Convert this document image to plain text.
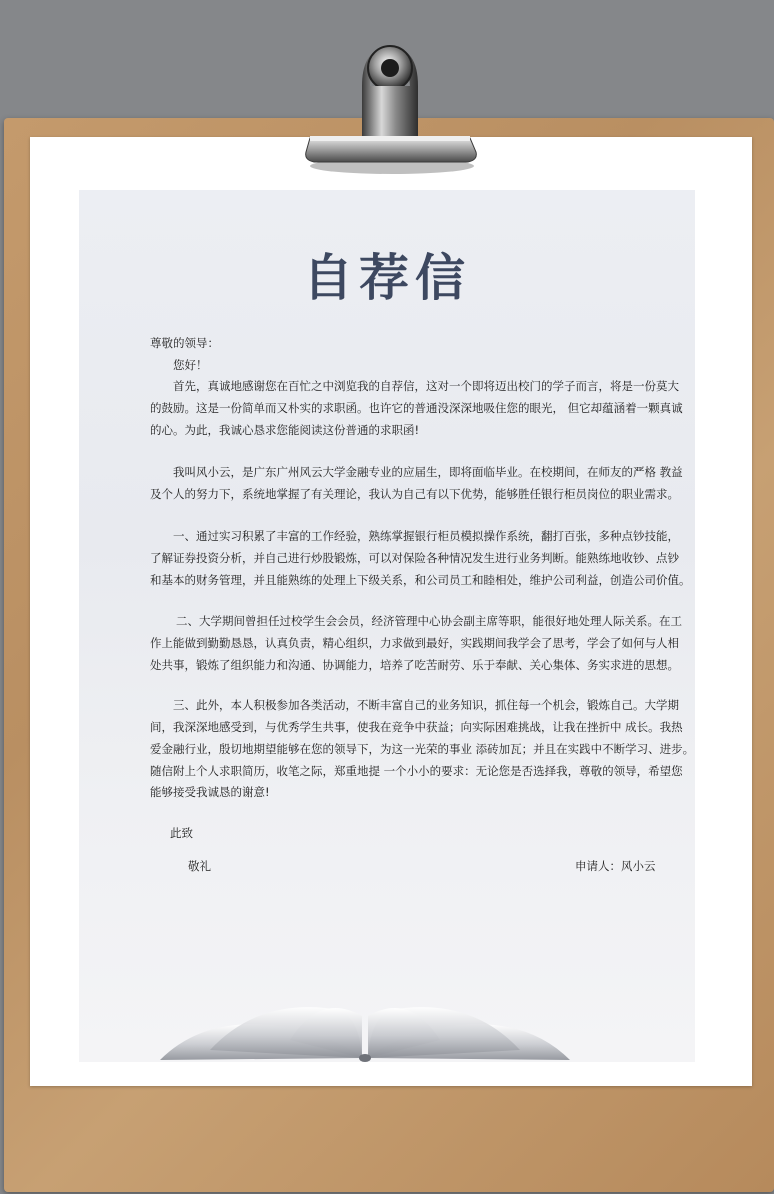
自荐信
尊敬的领导：
您好！
首先，真诚地感谢您在百忙之中浏览我的自荐信，这对一个即将迈出校门的学子而言，将是一份莫大
的鼓励。这是一份简单而又朴实的求职函。也许它的普通没深深地吸住您的眼光， 但它却蕴涵着一颗真诚
的心。为此，我诚心恳求您能阅读这份普通的求职函!
我叫风小云，是广东广州风云大学金融专业的应届生，即将面临毕业。在校期间，在师友的严格 教益
及个人的努力下，系统地掌握了有关理论，我认为自己有以下优势，能够胜任银行柜员岗位的职业需求。
一、通过实习积累了丰富的工作经验，熟练掌握银行柜员模拟操作系统，翻打百张，多种点钞技能，
了解证券投资分析，并自己进行炒股锻炼，可以对保险各种情况发生进行业务判断。能熟练地收钞、点钞
和基本的财务管理，并且能熟练的处理上下级关系，和公司员工和睦相处，维护公司利益，创造公司价值。
二、大学期间曾担任过校学生会会员，经济管理中心协会副主席等职，能很好地处理人际关系。在工
作上能做到勤勤恳恳，认真负责，精心组织，力求做到最好，实践期间我学会了思考，学会了如何与人相
处共事，锻炼了组织能力和沟通、协调能力，培养了吃苦耐劳、乐于奉献、关心集体、务实求进的思想。
三、此外，本人积极参加各类活动，不断丰富自己的业务知识，抓住每一个机会，锻炼自己。大学期
间，我深深地感受到，与优秀学生共事，使我在竞争中获益；向实际困难挑战，让我在挫折中 成长。我热
爱金融行业，殷切地期望能够在您的领导下，为这一光荣的事业 添砖加瓦；并且在实践中不断学习、进步。
随信附上个人求职简历，收笔之际，郑重地提 一个小小的要求：无论您是否选择我，尊敬的领导，希望您
能够接受我诚恳的谢意!
此致
敬礼	申请人：风小云
